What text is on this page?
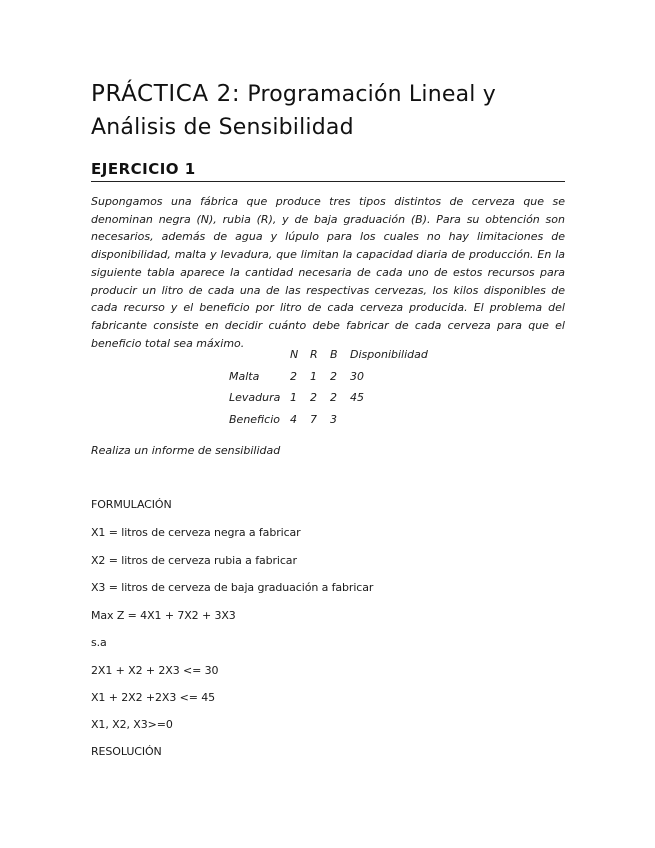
PRÁCTICA 2: Programación Lineal y Análisis de Sensibilidad
EJERCICIO 1
Supongamos una fábrica que produce tres tipos distintos de cerveza que se denominan negra (N), rubia (R), y de baja graduación (B). Para su obtención son necesarios, además de agua y lúpulo para los cuales no hay limitaciones de disponibilidad, malta y levadura, que limitan la capacidad diaria de producción. En la siguiente tabla aparece la cantidad necesaria de cada uno de estos recursos para producir un litro de cada una de las respectivas cervezas, los kilos disponibles de cada recurso y el beneficio por litro de cada cerveza producida. El problema del fabricante consiste en decidir cuánto debe fabricar de cada cerveza para que el beneficio total sea máximo.
	N	R	B	Disponibilidad
Malta	2	1	2	30
Levadura	1	2	2	45
Beneficio	4	7	3	
Realiza un informe de sensibilidad
FORMULACIÓN
X1 = litros de cerveza negra a fabricar
X2 = litros de cerveza rubia a fabricar
X3 = litros de cerveza de baja graduación a fabricar
Max Z = 4X1 + 7X2 + 3X3
s.a
2X1 + X2 + 2X3 <= 30
X1 + 2X2 +2X3 <= 45
X1, X2, X3>=0
RESOLUCIÓN
